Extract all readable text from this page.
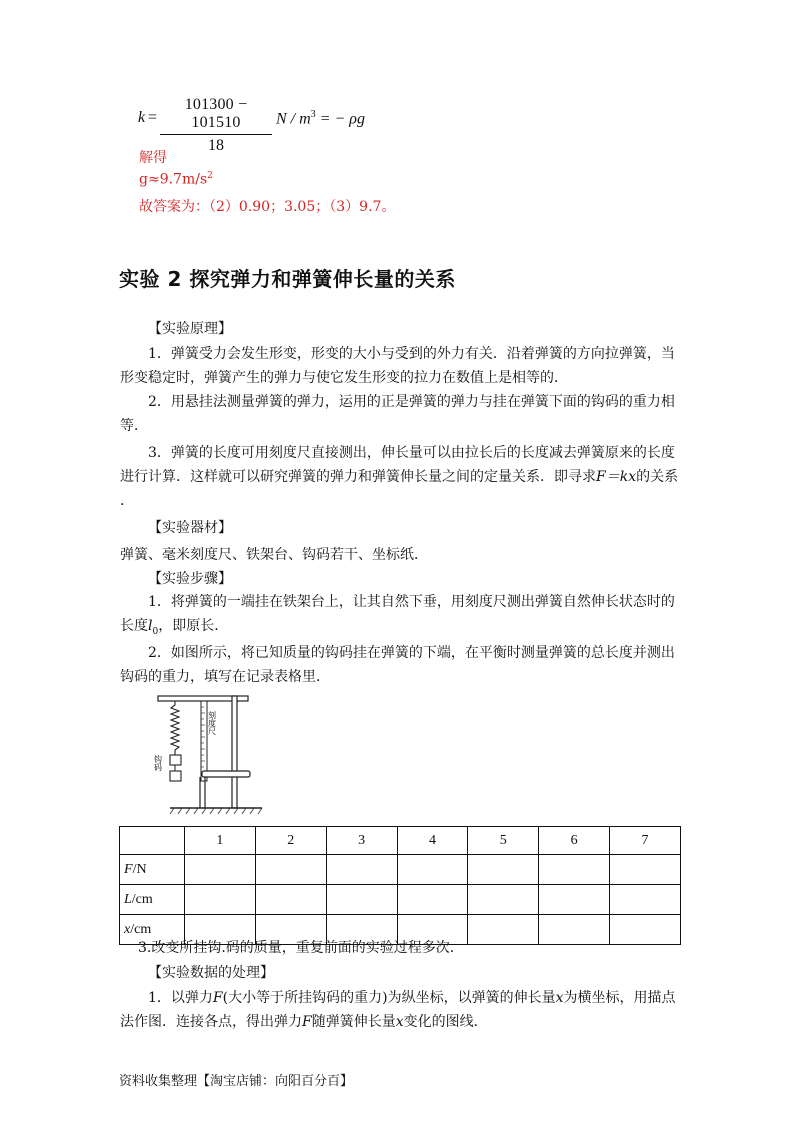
$k = \frac{101300 - 101510}{18}$ N / $m^3$ = − ρg
解得
$g\approx 9.7m/s^2$
故答案为：（2）0.90；3.05；（3）9.7。
实验 2 探究弹力和弹簧伸长量的关系
【实验原理】

1．弹簧受力会发生形变，形变的大小与受到的外力有关．沿着弹簧的方向拉弹簧，当形变稳定时，弹簧产生的弹力与使它发生形变的拉力在数值上是相等的．

2．用悬挂法测量弹簧的弹力，运用的正是弹簧的弹力与挂在弹簧下面的钩码的重力相等．

3．弹簧的长度可用刻度尺直接测出，伸长量可以由拉长后的长度减去弹簧原来的长度进行计算．这样就可以研究弹簧的弹力和弹簧伸长量之间的定量关系．即寻求F＝kx的关系 ．

【实验器材】
弹簧、毫米刻度尺、铁架台、钩码若干、坐标纸．
【实验步骤】

1．将弹簧的一端挂在铁架台上，让其自然下垂，用刻度尺测出弹簧自然伸长状态时的长度$l_0$，即原长．

2．如图所示，将已知质量的钩码挂在弹簧的下端，在平衡时测量弹簧的总长度并测出钩码的重力，填写在记录表格里．

刻度尺
钩码
	1	2	3	4	5	6	7
F/N							
L/cm							
x/cm							
3.改变所挂钩.码的质量，重复前面的实验过程多次．
【实验数据的处理】

1．以弹力F(大小等于所挂钩码的重力)为纵坐标，以弹簧的伸长量x为横坐标，用描点法作图．连接各点，得出弹力F随弹簧伸长量x变化的图线．

资料收集整理【淘宝店铺：向阳百分百】
